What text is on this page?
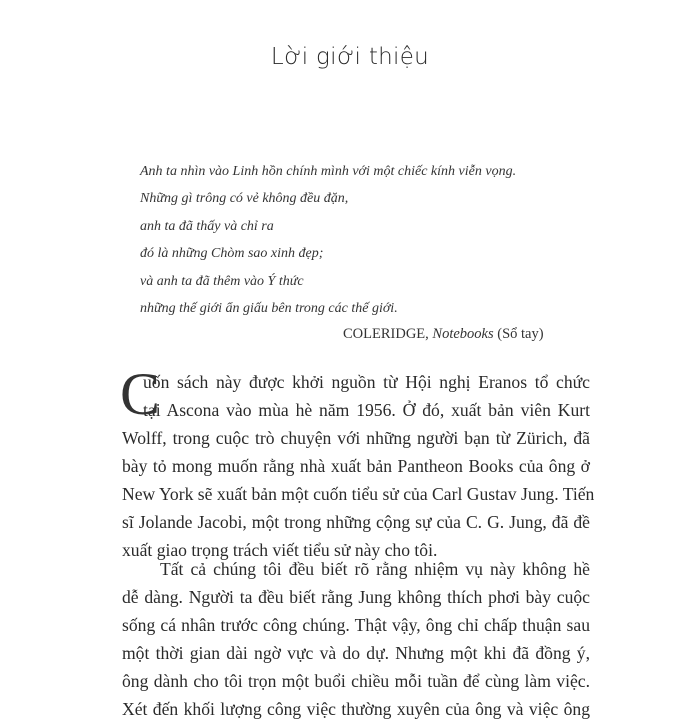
Lời giới thiệu
Anh ta nhìn vào Linh hồn chính mình với một chiếc kính viễn vọng.
Những gì trông có vẻ không đều đặn,
anh ta đã thấy và chỉ ra
đó là những Chòm sao xinh đẹp;
và anh ta đã thêm vào Ý thức
những thế giới ẩn giấu bên trong các thế giới.
COLERIDGE, Notebooks (Sổ tay)
C
uốn sách này được khởi nguồn từ Hội nghị Eranos tổ chức
tại Ascona vào mùa hè năm 1956. Ở đó, xuất bản viên Kurt
Wolff, trong cuộc trò chuyện với những người bạn từ Zürich, đã
bày tỏ mong muốn rằng nhà xuất bản Pantheon Books của ông ở
New York sẽ xuất bản một cuốn tiểu sử của Carl Gustav Jung. Tiến
sĩ Jolande Jacobi, một trong những cộng sự của C. G. Jung, đã đề
xuất giao trọng trách viết tiểu sử này cho tôi.
Tất cả chúng tôi đều biết rõ rằng nhiệm vụ này không hề
dễ dàng. Người ta đều biết rằng Jung không thích phơi bày cuộc
sống cá nhân trước công chúng. Thật vậy, ông chỉ chấp thuận sau
một thời gian dài ngờ vực và do dự. Nhưng một khi đã đồng ý,
ông dành cho tôi trọn một buổi chiều mỗi tuần để cùng làm việc.
Xét đến khối lượng công việc thường xuyên của ông và việc ông
